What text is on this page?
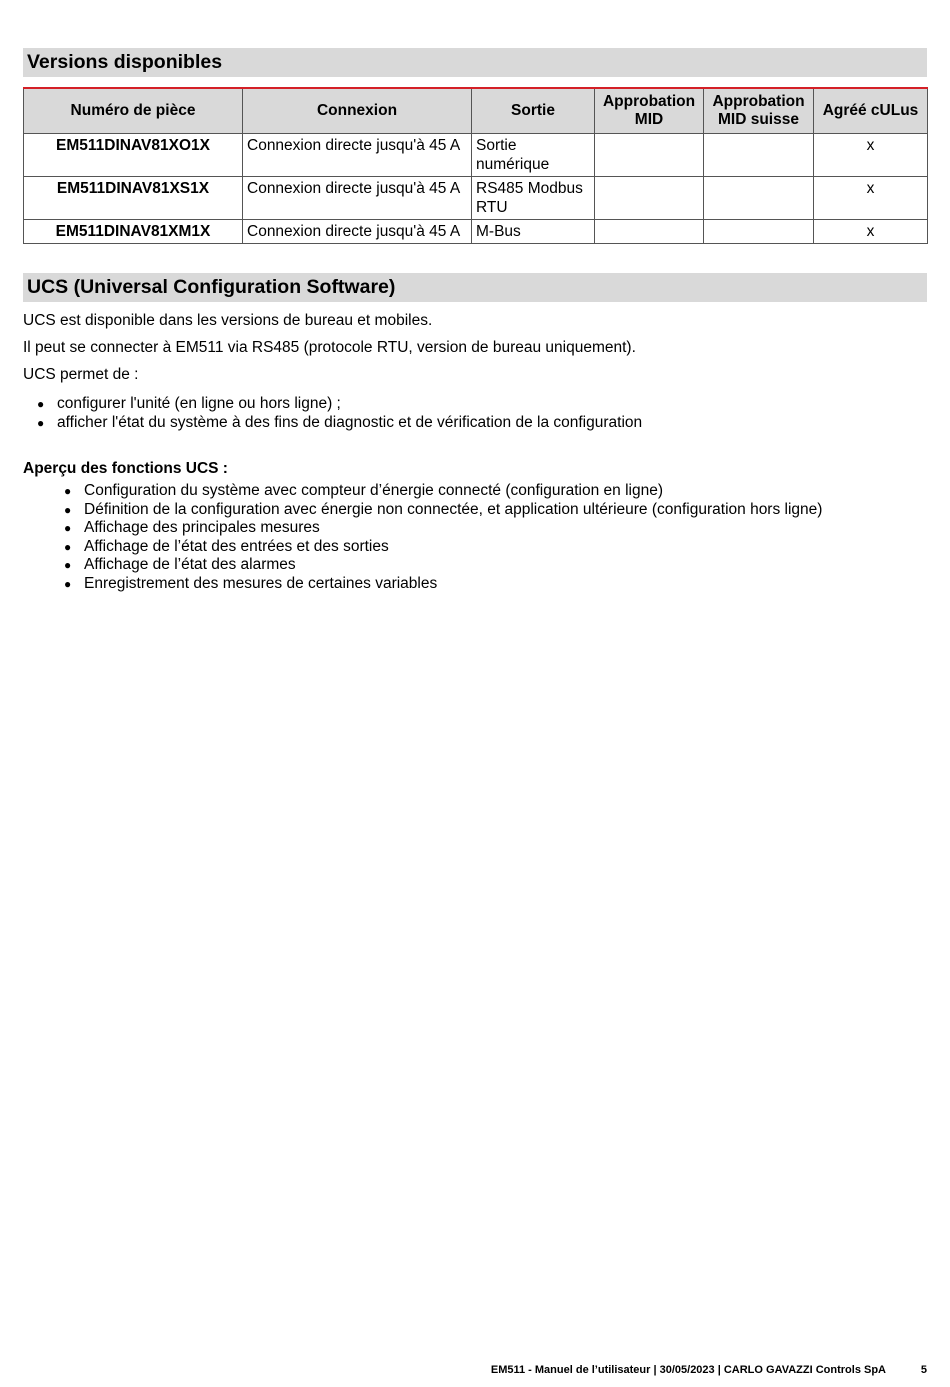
Versions disponibles
Numéro de pièce	Connexion	Sortie	Approbation MID	Approbation MID suisse	Agréé cULus
EM511DINAV81XO1X	Connexion directe jusqu'à 45 A	Sortie numérique			x
EM511DINAV81XS1X	Connexion directe jusqu'à 45 A	RS485 Modbus RTU			x
EM511DINAV81XM1X	Connexion directe jusqu'à 45 A	M-Bus			x
UCS (Universal Configuration Software)

UCS est disponible dans les versions de bureau et mobiles.

Il peut se connecter à EM511 via RS485 (protocole RTU, version de bureau uniquement).

UCS permet de :

● configurer l'unité (en ligne ou hors ligne) ;
● afficher l'état du système à des fins de diagnostic et de vérification de la configuration

Aperçu des fonctions UCS :

● Configuration du système avec compteur d’énergie connecté (configuration en ligne)
● Définition de la configuration avec énergie non connectée, et application ultérieure (configuration hors ligne)
● Affichage des principales mesures
● Affichage de l’état des entrées et des sorties
● Affichage de l’état des alarmes
● Enregistrement des mesures de certaines variables
EM511 - Manuel de l’utilisateur | 30/05/2023 | CARLO GAVAZZI Controls SpA	5
